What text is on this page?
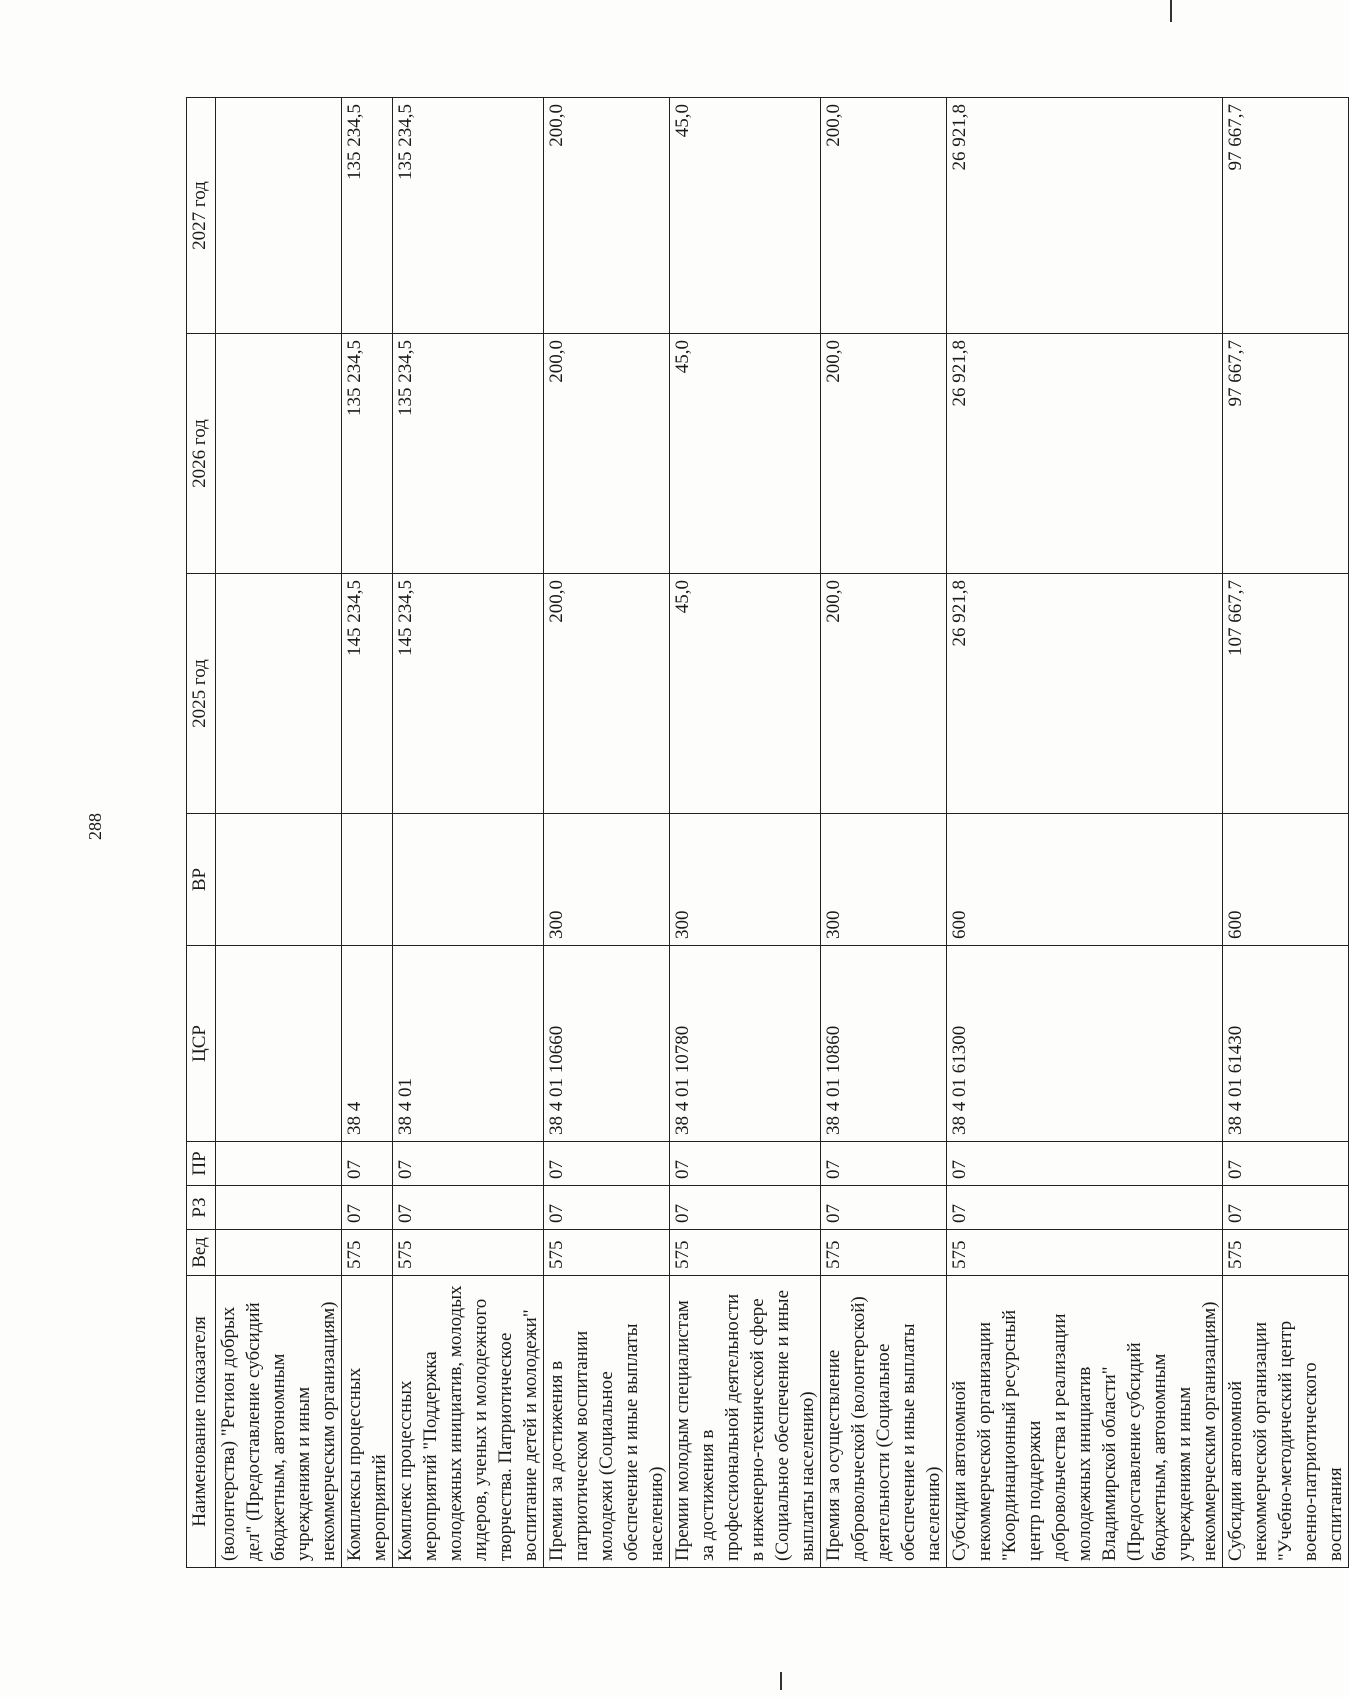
288
Наименование показателя	Вед	РЗ	ПР	ЦСР	ВР	2025 год	2026 год	2027 год
(волонтерства) "Регион добрых дел" (Предоставление субсидий бюджетным, автономным учреждениям и иным некоммерческим организациям)								
Комплексы процессных мероприятий	575	07	07	38 4		145 234,5	135 234,5	135 234,5
Комплекс процессных мероприятий "Поддержка молодежных инициатив, молодых лидеров, ученых и молодежного творчества. Патриотическое воспитание детей и молодежи"	575	07	07	38 4 01		145 234,5	135 234,5	135 234,5
Премии за достижения в патриотическом воспитании молодежи (Социальное обеспечение и иные выплаты населению)	575	07	07	38 4 01 10660	300	200,0	200,0	200,0
Премии молодым специалистам за достижения в профессиональной деятельности в инженерно-технической сфере (Социальное обеспечение и иные выплаты населению)	575	07	07	38 4 01 10780	300	45,0	45,0	45,0
Премия за осуществление добровольческой (волонтерской) деятельности (Социальное обеспечение и иные выплаты населению)	575	07	07	38 4 01 10860	300	200,0	200,0	200,0
Субсидии автономной некоммерческой организации "Координационный ресурсный центр поддержки добровольчества и реализации молодежных инициатив Владимирской области" (Предоставление субсидий бюджетным, автономным учреждениям и иным некоммерческим организациям)	575	07	07	38 4 01 61300	600	26 921,8	26 921,8	26 921,8
Субсидии автономной некоммерческой организации "Учебно-методический центр военно-патриотического воспитания	575	07	07	38 4 01 61430	600	107 667,7	97 667,7	97 667,7
